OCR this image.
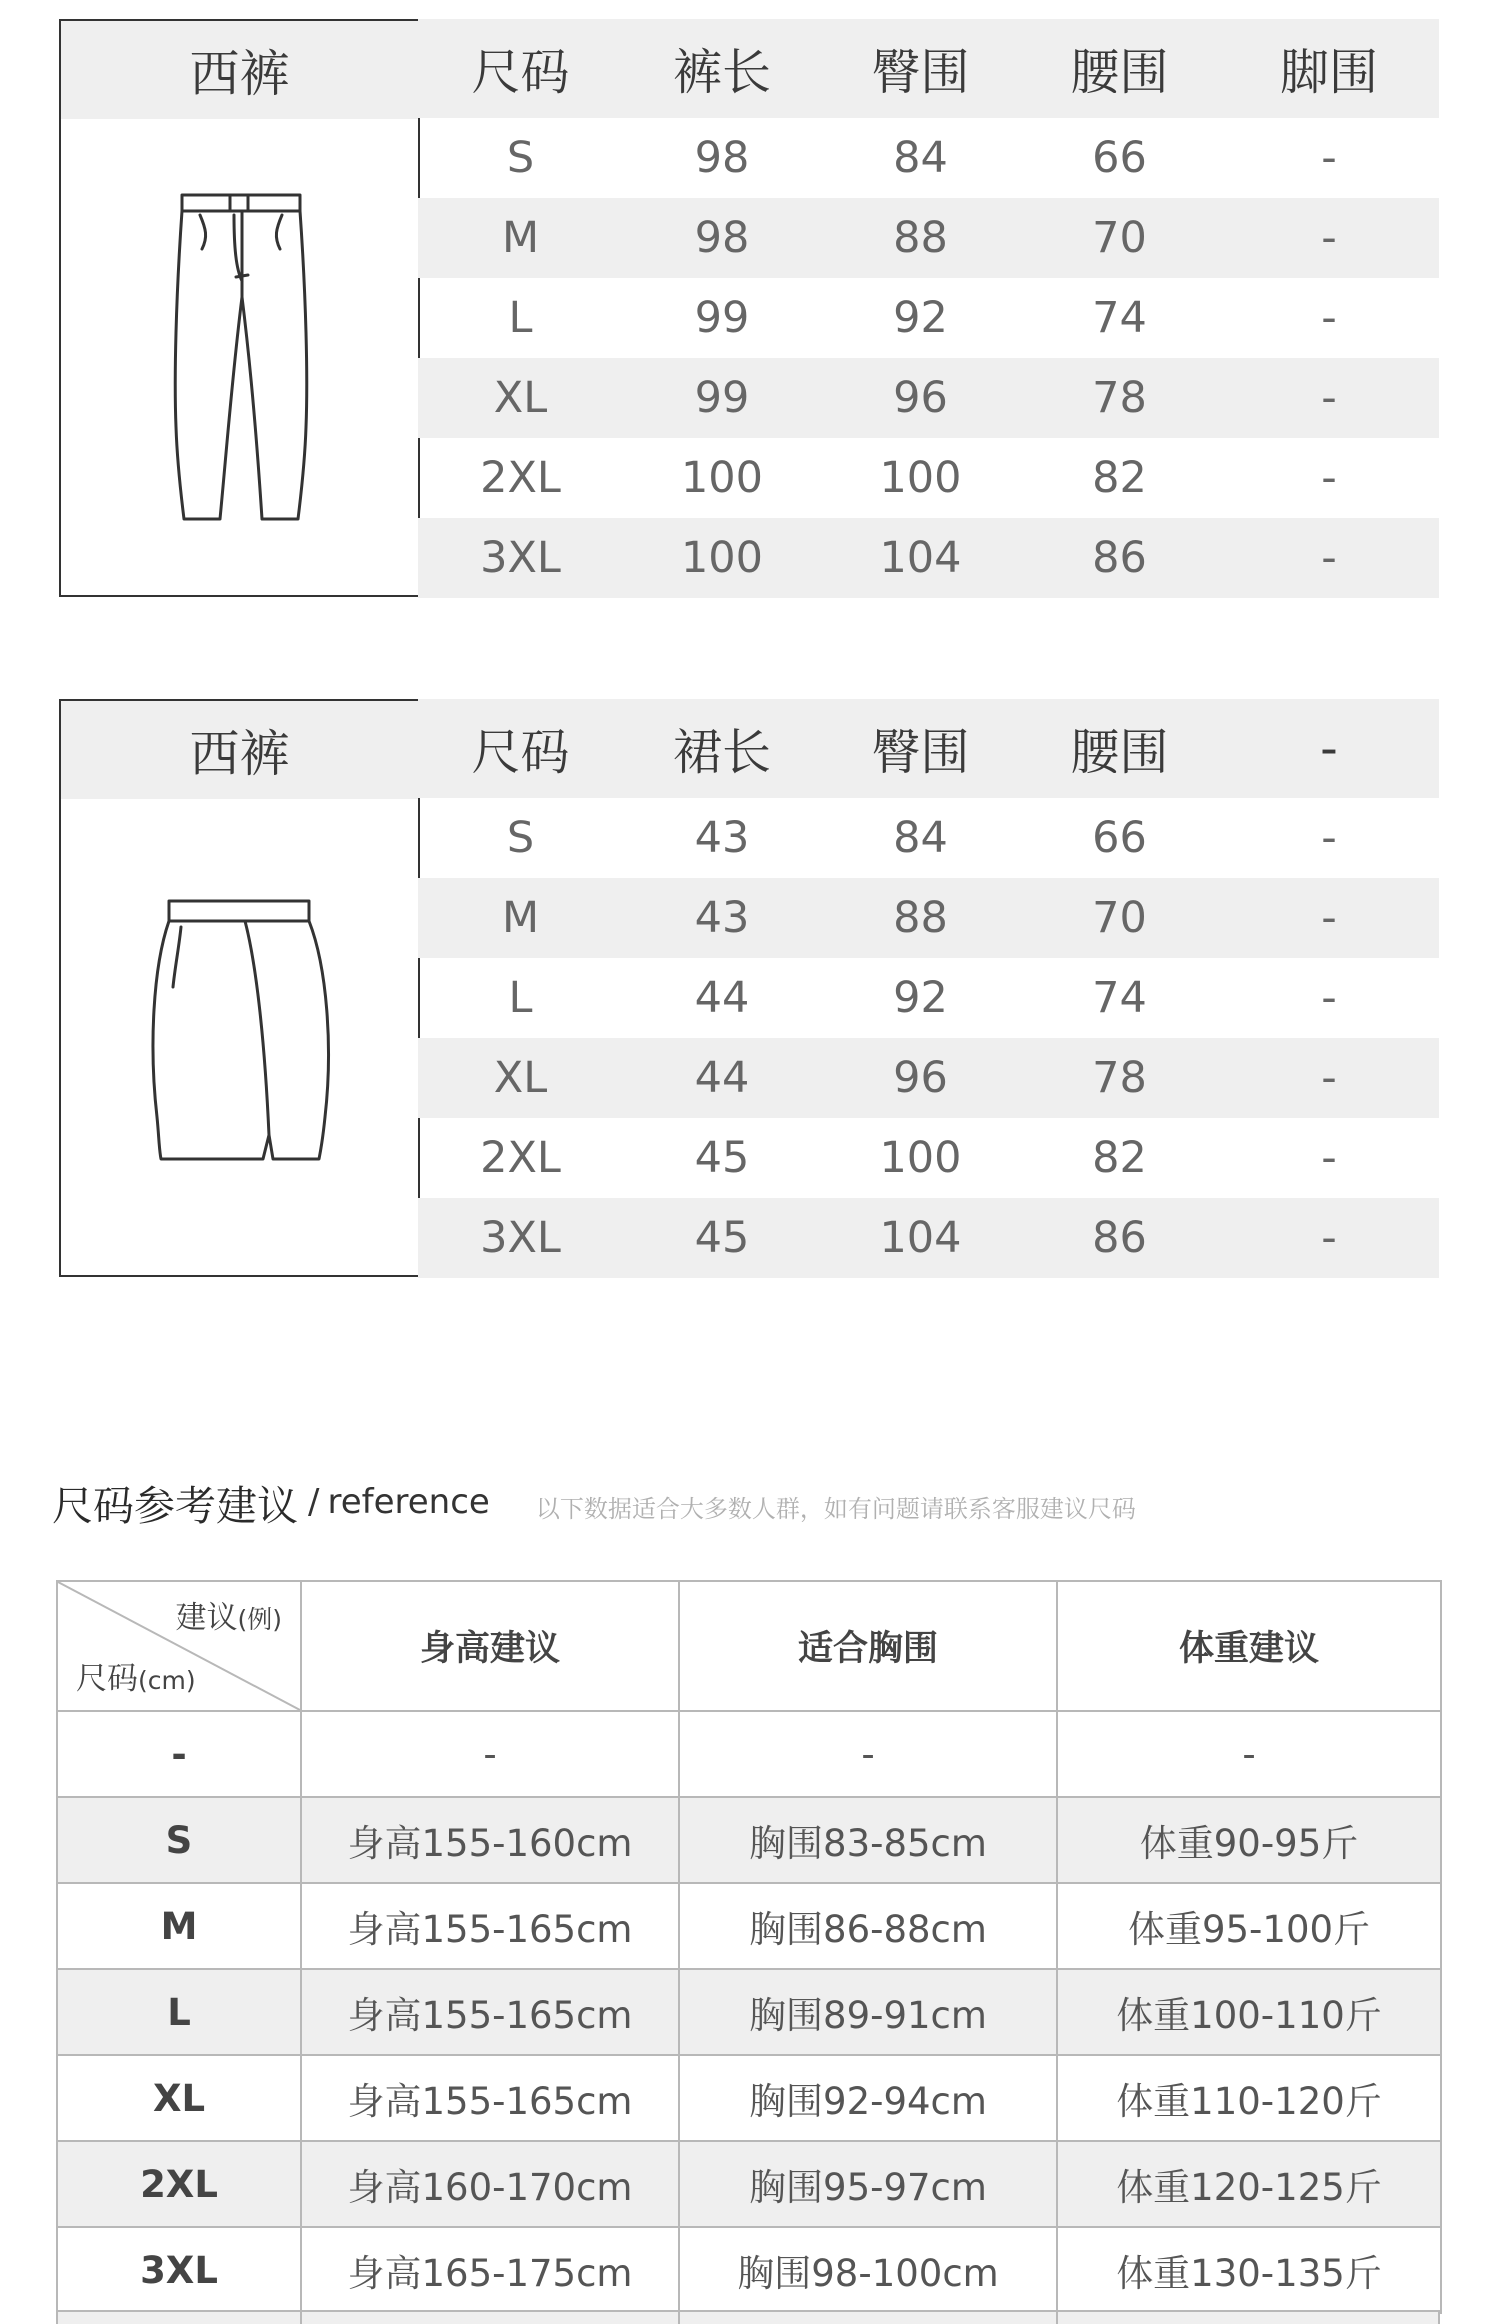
西裤	尺码	裤长	臀围	腰围	脚围
S	98	84	66	-
M	98	88	70	-
L	99	92	74	-
XL	99	96	78	-
2XL	100	100	82	-
3XL	100	104	86	-
西裤	尺码	裙长	臀围	腰围	-
S	43	84	66	-
M	43	88	70	-
L	44	92	74	-
XL	44	96	78	-
2XL	45	100	82	-
3XL	45	104	86	-
尺码参考建议 / reference 以下数据适合大多数人群，如有问题请联系客服建议尺码
建议(例)
尺码(cm)	身高建议	适合胸围	体重建议
-	-	-	-
S	身高155-160cm	胸围83-85cm	体重90-95斤
M	身高155-165cm	胸围86-88cm	体重95-100斤
L	身高155-165cm	胸围89-91cm	体重100-110斤
XL	身高155-165cm	胸围92-94cm	体重110-120斤
2XL	身高160-170cm	胸围95-97cm	体重120-125斤
3XL	身高165-175cm	胸围98-100cm	体重130-135斤
